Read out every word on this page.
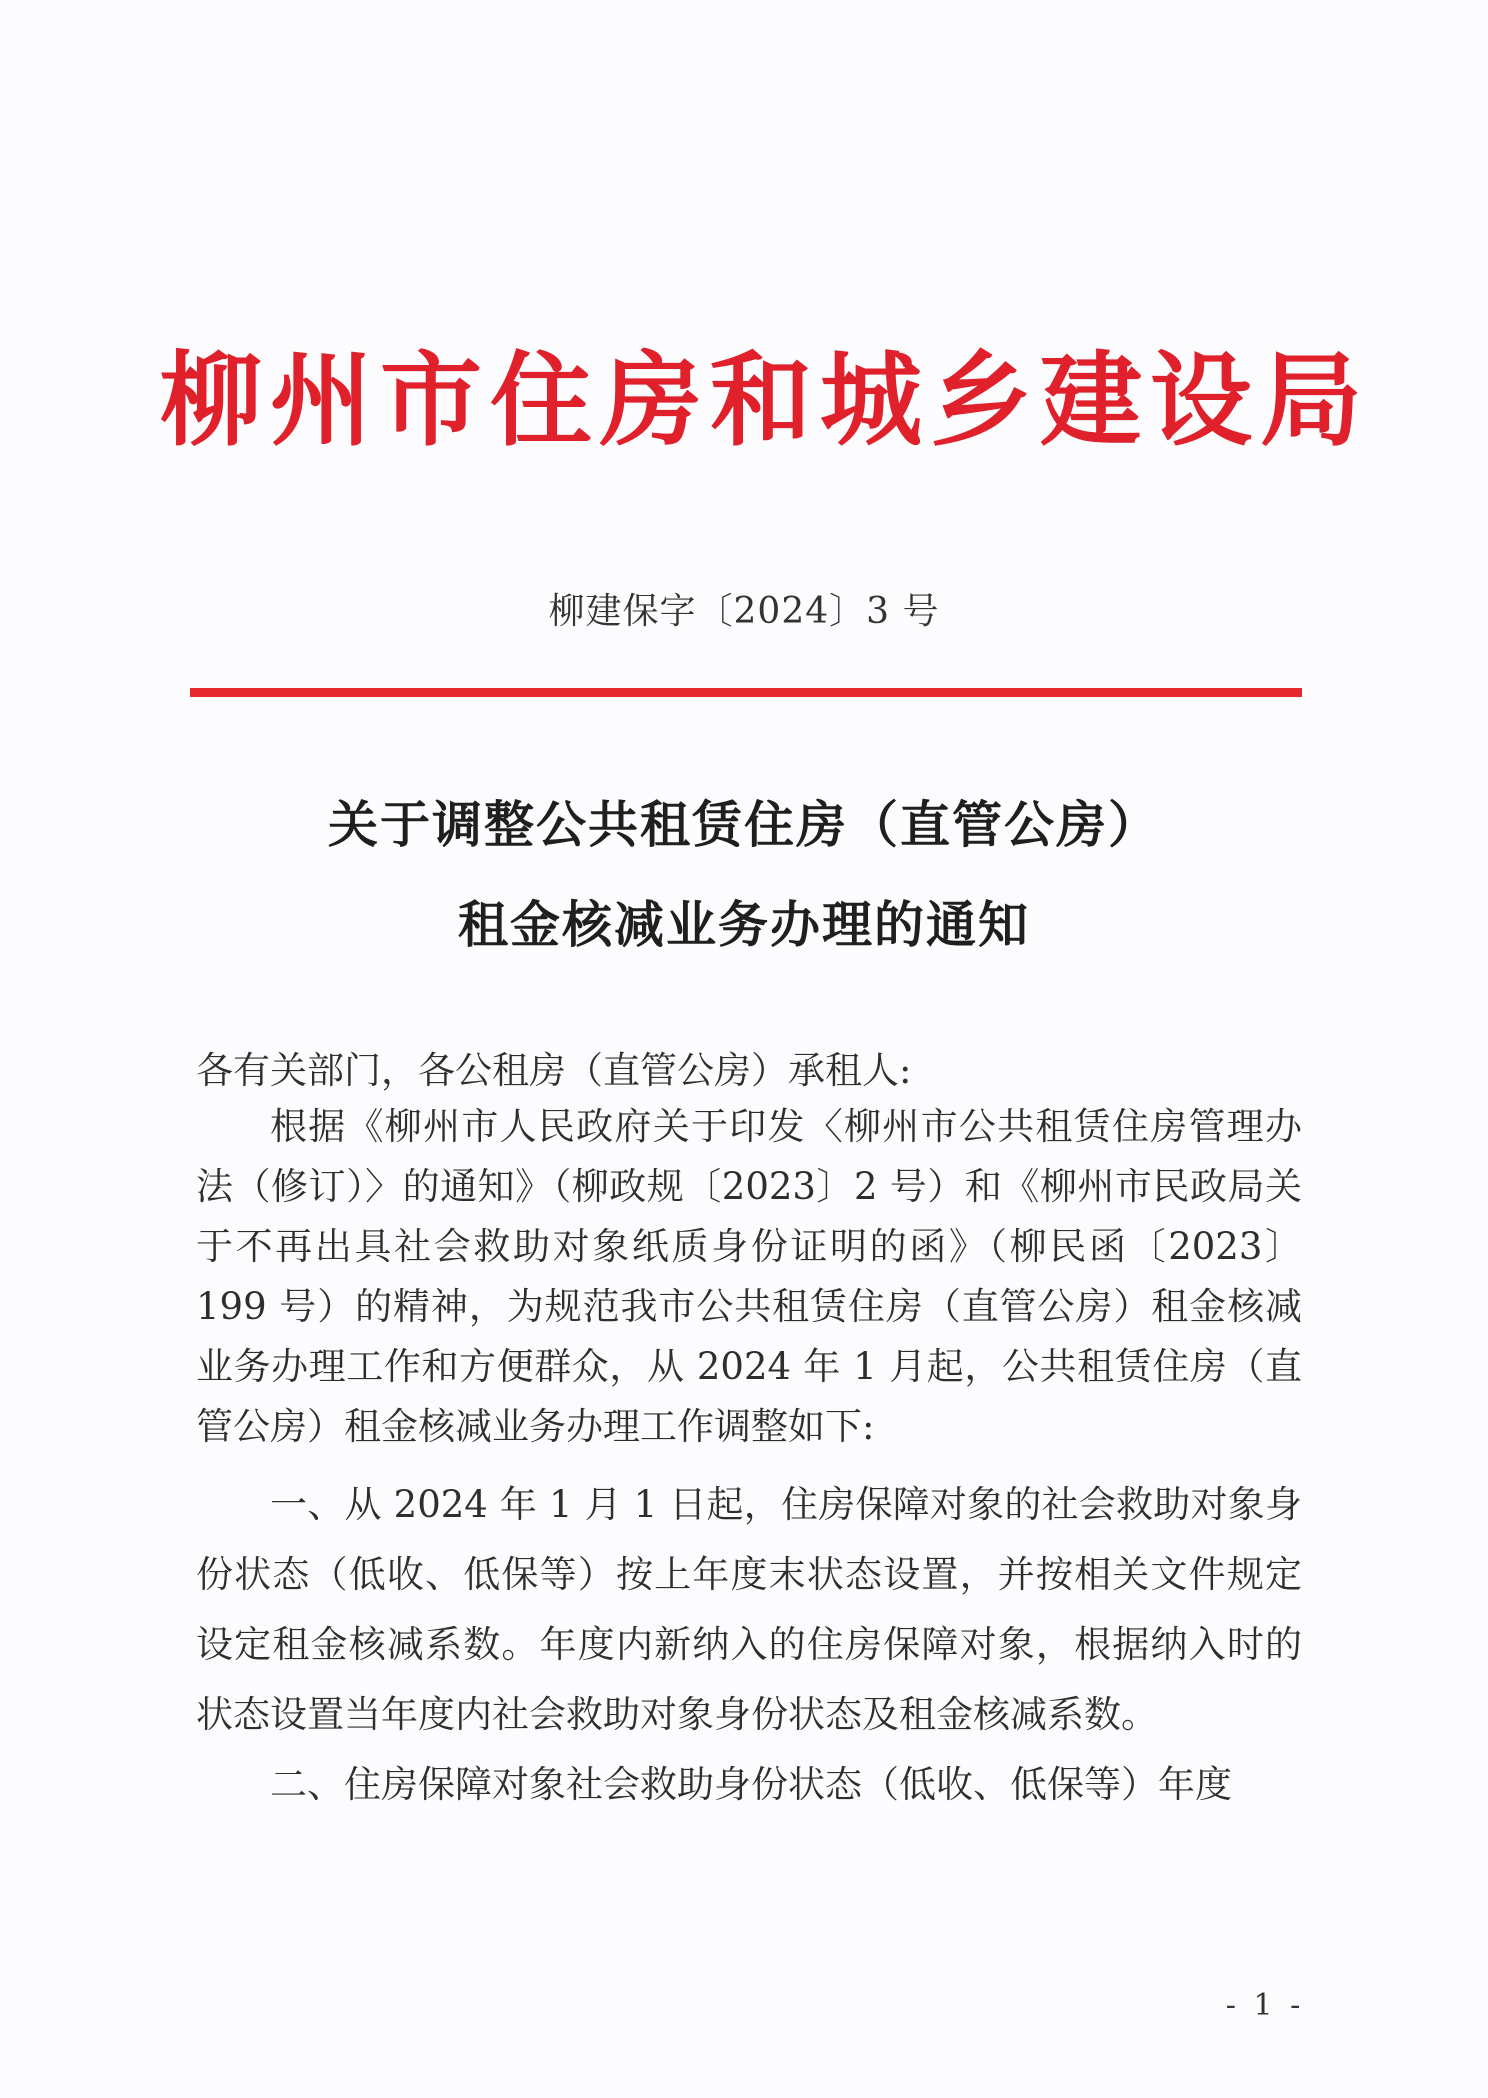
柳州市住房和城乡建设局
柳建保字〔2024〕3 号
关于调整公共租赁住房（直管公房）
租金核减业务办理的通知
各有关部门，各公租房（直管公房）承租人:
根据《柳州市人民政府关于印发〈柳州市公共租赁住房管理办法（修订）〉的通知》（柳政规〔2023〕2 号）和《柳州市民政局关于不再出具社会救助对象纸质身份证明的函》（柳民函〔2023〕199 号）的精神，为规范我市公共租赁住房（直管公房）租金核减业务办理工作和方便群众，从 2024 年 1 月起，公共租赁住房（直管公房）租金核减业务办理工作调整如下:
一、从 2024 年 1 月 1 日起，住房保障对象的社会救助对象身份状态（低收、低保等）按上年度末状态设置，并按相关文件规定设定租金核减系数。年度内新纳入的住房保障对象，根据纳入时的状态设置当年度内社会救助对象身份状态及租金核减系数。
二、住房保障对象社会救助身份状态（低收、低保等）年度
- 1 -
